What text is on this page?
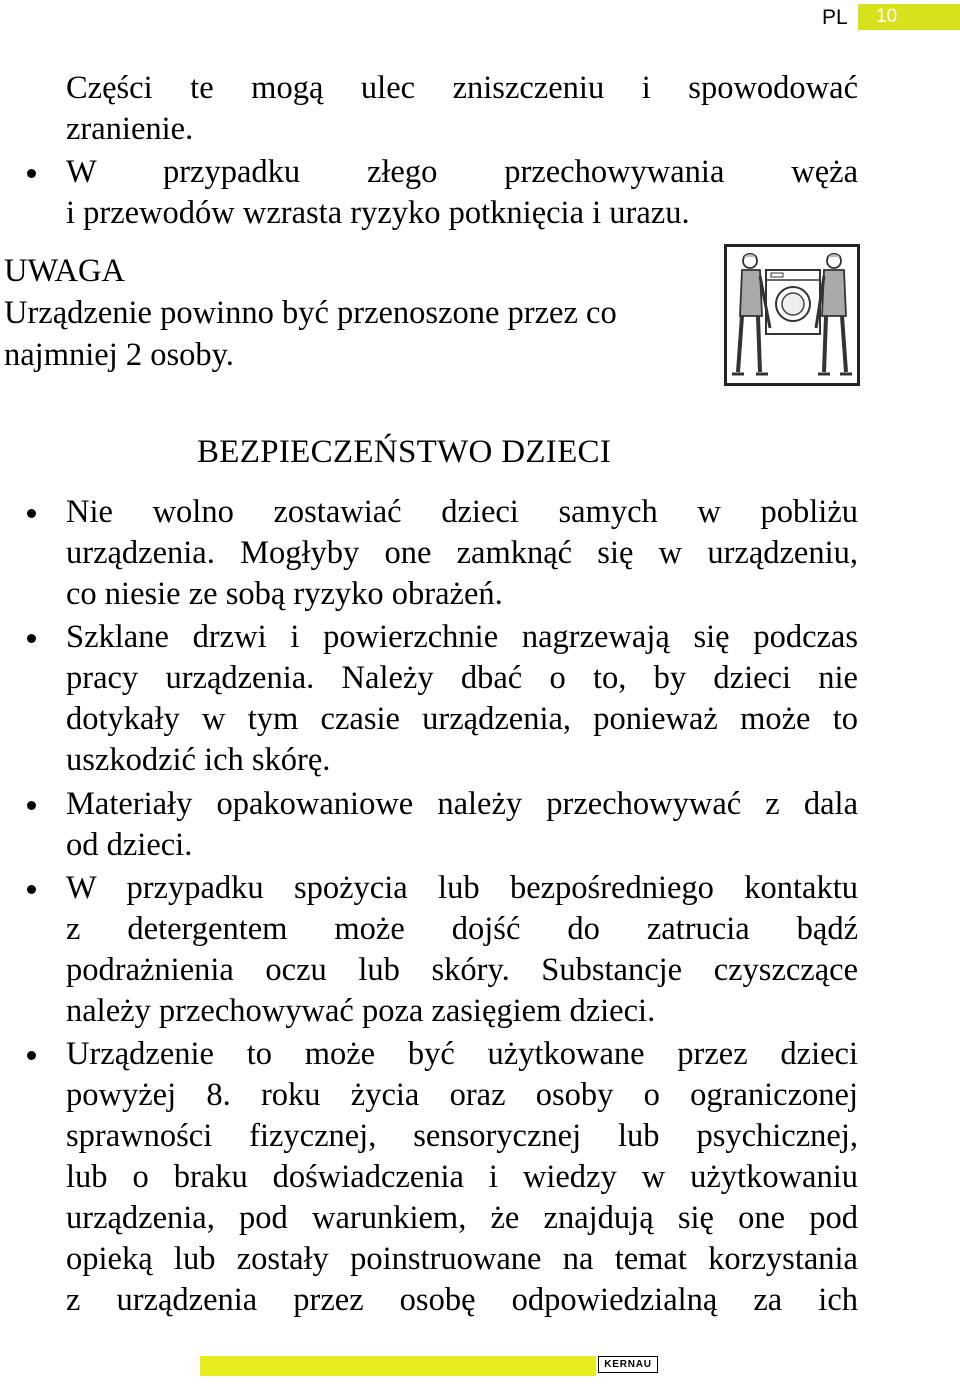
PL 10
Części te mogą ulec zniszczeniu i spowodować
zranienie.
W przypadku złego przechowywania węża
i przewodów wzrasta ryzyko potknięcia i urazu.
UWAGA
Urządzenie powinno być przenoszone przez co
najmniej 2 osoby.
BEZPIECZEŃSTWO DZIECI
Nie wolno zostawiać dzieci samych w pobliżu
urządzenia. Mogłyby one zamknąć się w urządzeniu,
co niesie ze sobą ryzyko obrażeń.
Szklane drzwi i powierzchnie nagrzewają się podczas
pracy urządzenia. Należy dbać o to, by dzieci nie
dotykały w tym czasie urządzenia, ponieważ może to
uszkodzić ich skórę.
Materiały opakowaniowe należy przechowywać z dala
od dzieci.
W przypadku spożycia lub bezpośredniego kontaktu
z detergentem może dojść do zatrucia bądź
podrażnienia oczu lub skóry. Substancje czyszczące
należy przechowywać poza zasięgiem dzieci.
Urządzenie to może być użytkowane przez dzieci
powyżej 8. roku życia oraz osoby o ograniczonej
sprawności fizycznej, sensorycznej lub psychicznej,
lub o braku doświadczenia i wiedzy w użytkowaniu
urządzenia, pod warunkiem, że znajdują się one pod
opieką lub zostały poinstruowane na temat korzystania
z urządzenia przez osobę odpowiedzialną za ich
KERNAU
